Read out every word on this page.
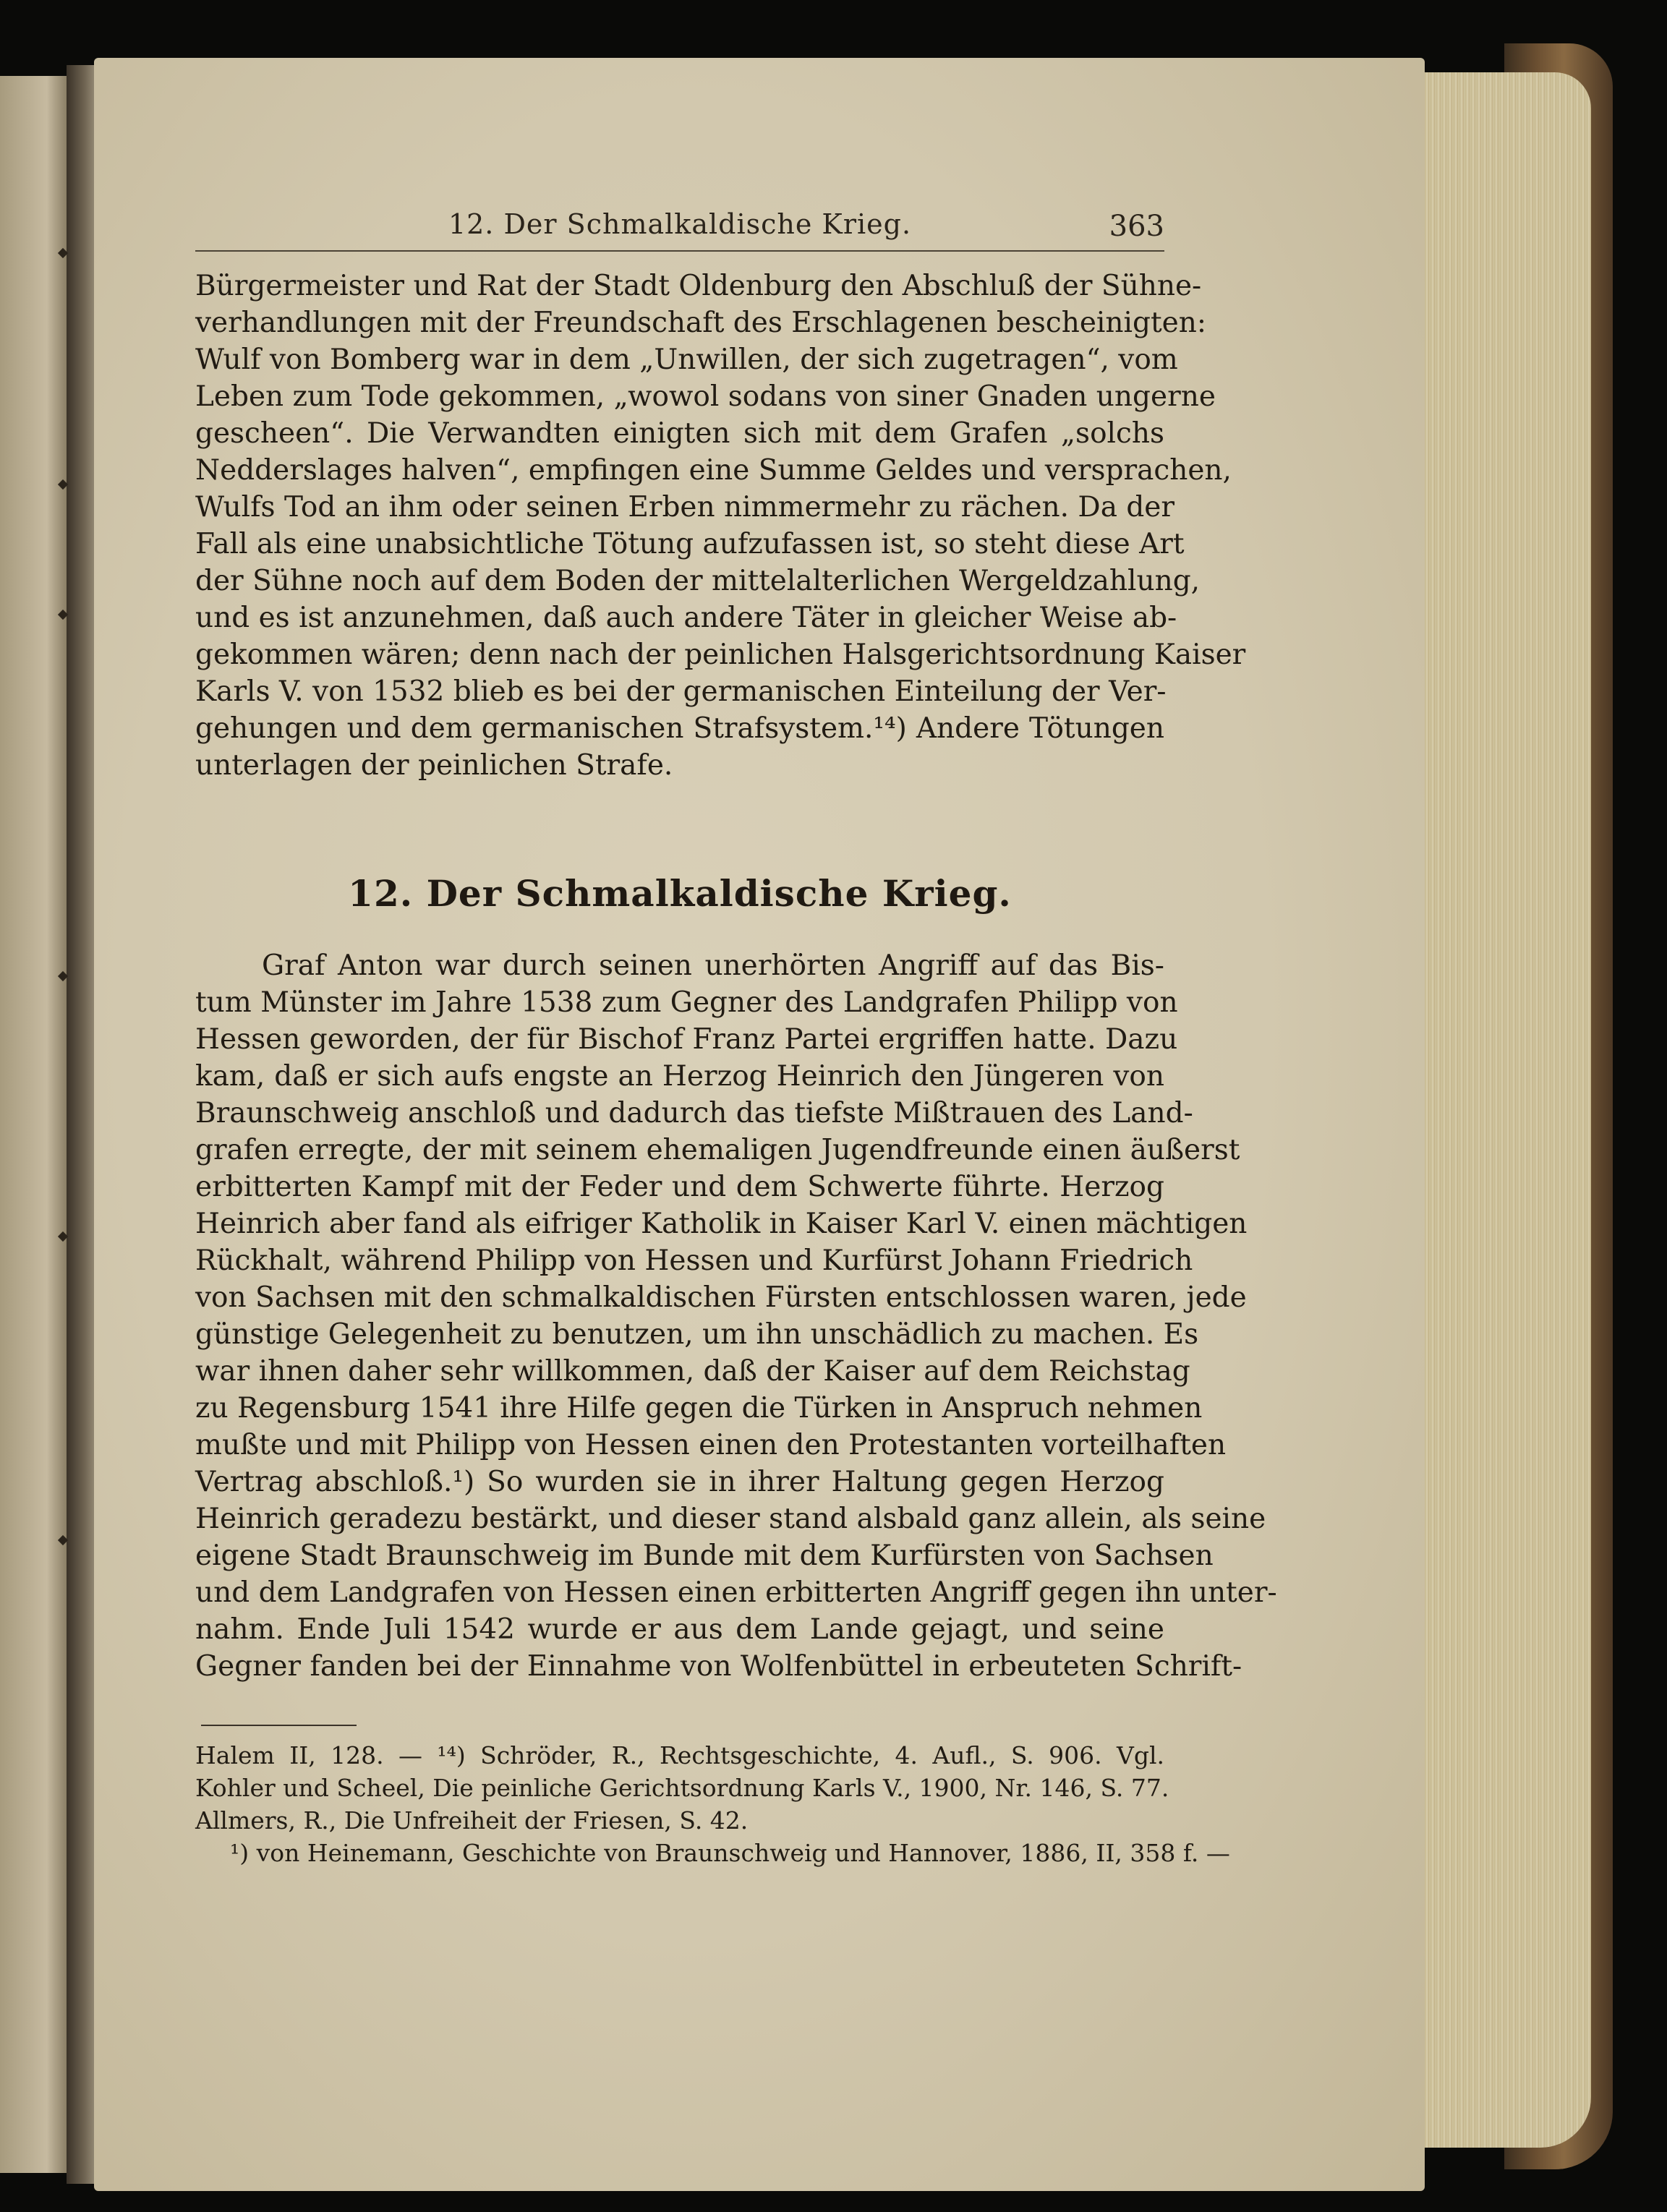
12. Der Schmalkaldische Krieg.	363
Bürgermeister und Rat der Stadt Oldenburg den Abschluß der Sühne-
verhandlungen mit der Freundschaft des Erschlagenen bescheinigten:
Wulf von Bomberg war in dem „Unwillen, der sich zugetragen“, vom
Leben zum Tode gekommen, „wowol sodans von siner Gnaden ungerne
gescheen“. Die Verwandten einigten sich mit dem Grafen „solchs
Nedderslages halven“, empfingen eine Summe Geldes und versprachen,
Wulfs Tod an ihm oder seinen Erben nimmermehr zu rächen. Da der
Fall als eine unabsichtliche Tötung aufzufassen ist, so steht diese Art
der Sühne noch auf dem Boden der mittelalterlichen Wergeldzahlung,
und es ist anzunehmen, daß auch andere Täter in gleicher Weise ab-
gekommen wären; denn nach der peinlichen Halsgerichtsordnung Kaiser
Karls V. von 1532 blieb es bei der germanischen Einteilung der Ver-
gehungen und dem germanischen Strafsystem.¹⁴) Andere Tötungen
unterlagen der peinlichen Strafe.
12. Der Schmalkaldische Krieg.
Graf Anton war durch seinen unerhörten Angriff auf das Bis-
tum Münster im Jahre 1538 zum Gegner des Landgrafen Philipp von
Hessen geworden, der für Bischof Franz Partei ergriffen hatte. Dazu
kam, daß er sich aufs engste an Herzog Heinrich den Jüngeren von
Braunschweig anschloß und dadurch das tiefste Mißtrauen des Land-
grafen erregte, der mit seinem ehemaligen Jugendfreunde einen äußerst
erbitterten Kampf mit der Feder und dem Schwerte führte. Herzog
Heinrich aber fand als eifriger Katholik in Kaiser Karl V. einen mächtigen
Rückhalt, während Philipp von Hessen und Kurfürst Johann Friedrich
von Sachsen mit den schmalkaldischen Fürsten entschlossen waren, jede
günstige Gelegenheit zu benutzen, um ihn unschädlich zu machen. Es
war ihnen daher sehr willkommen, daß der Kaiser auf dem Reichstag
zu Regensburg 1541 ihre Hilfe gegen die Türken in Anspruch nehmen
mußte und mit Philipp von Hessen einen den Protestanten vorteilhaften
Vertrag abschloß.¹) So wurden sie in ihrer Haltung gegen Herzog
Heinrich geradezu bestärkt, und dieser stand alsbald ganz allein, als seine
eigene Stadt Braunschweig im Bunde mit dem Kurfürsten von Sachsen
und dem Landgrafen von Hessen einen erbitterten Angriff gegen ihn unter-
nahm. Ende Juli 1542 wurde er aus dem Lande gejagt, und seine
Gegner fanden bei der Einnahme von Wolfenbüttel in erbeuteten Schrift-
Halem II, 128. — ¹⁴) Schröder, R., Rechtsgeschichte, 4. Aufl., S. 906. Vgl.
Kohler und Scheel, Die peinliche Gerichtsordnung Karls V., 1900, Nr. 146, S. 77.
Allmers, R., Die Unfreiheit der Friesen, S. 42.
¹) von Heinemann, Geschichte von Braunschweig und Hannover, 1886, II, 358 f. —
